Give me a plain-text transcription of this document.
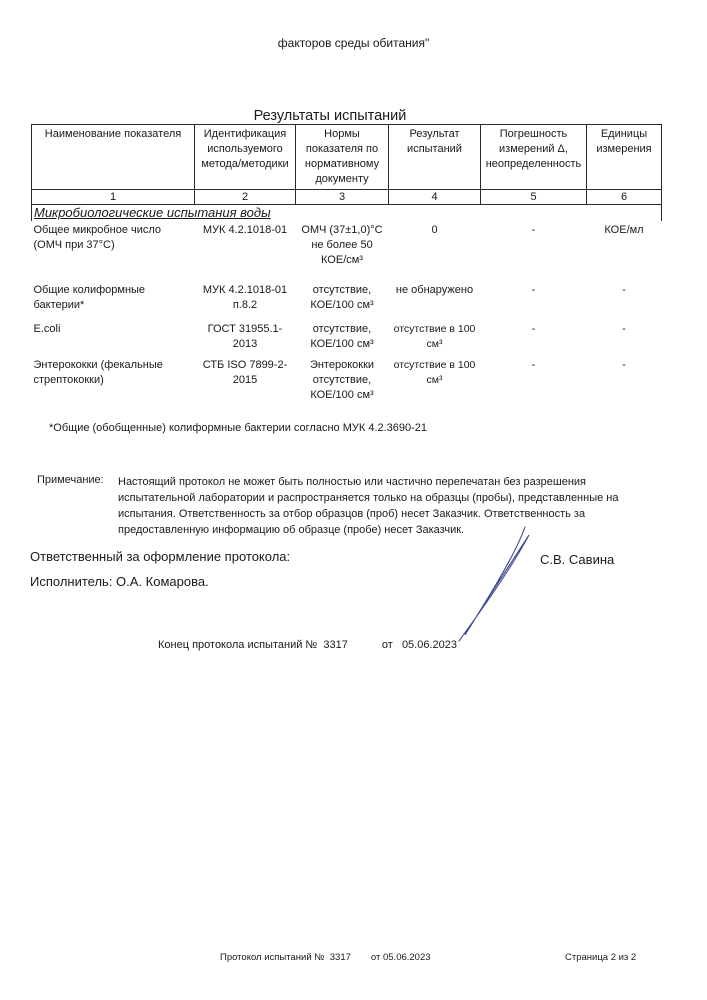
факторов среды обитания"
Результаты испытаний
Наименование показателя	Идентификация используемого метода/методики	Нормы показателя по нормативному документу	Результат испытаний	Погрешность измерений Δ, неопределенность	Единицы измерения
1	2	3	4	5	6
Микробиологические испытания воды					
Общее микробное число (ОМЧ при 37°С)	МУК 4.2.1018-01	ОМЧ (37±1,0)°С не более 50 КОЕ/см³	0	-	КОЕ/мл
Общие колиформные бактерии*	МУК 4.2.1018-01 п.8.2	отсутствие, КОЕ/100 см³	не обнаружено	-	-
E.coli	ГОСТ 31955.1-2013	отсутствие, КОЕ/100 см³	отсутствие в 100 см³	-	-
Энтерококки (фекальные стрептококки)	СТБ ISO 7899-2-2015	Энтерококки отсутствие, КОЕ/100 см³	отсутствие в 100 см³	-	-
*Общие (обобщенные) колиформные бактерии согласно МУК 4.2.3690-21
Примечание: Настоящий протокол не может быть полностью или частично перепечатан без разрешения испытательной лаборатории и распространяется только на образцы (пробы), представленные на испытания. Ответственность за отбор образцов (проб) несет Заказчик. Ответственность за предоставленную информацию об образце (пробе) несет Заказчик.
Ответственный за оформление протокола:	С.В. Савина
Исполнитель: О.А. Комарова.
Конец протокола испытаний № 3317	от 05.06.2023
Протокол испытаний № 3317 от 05.06.2023	Страница 2 из 2
